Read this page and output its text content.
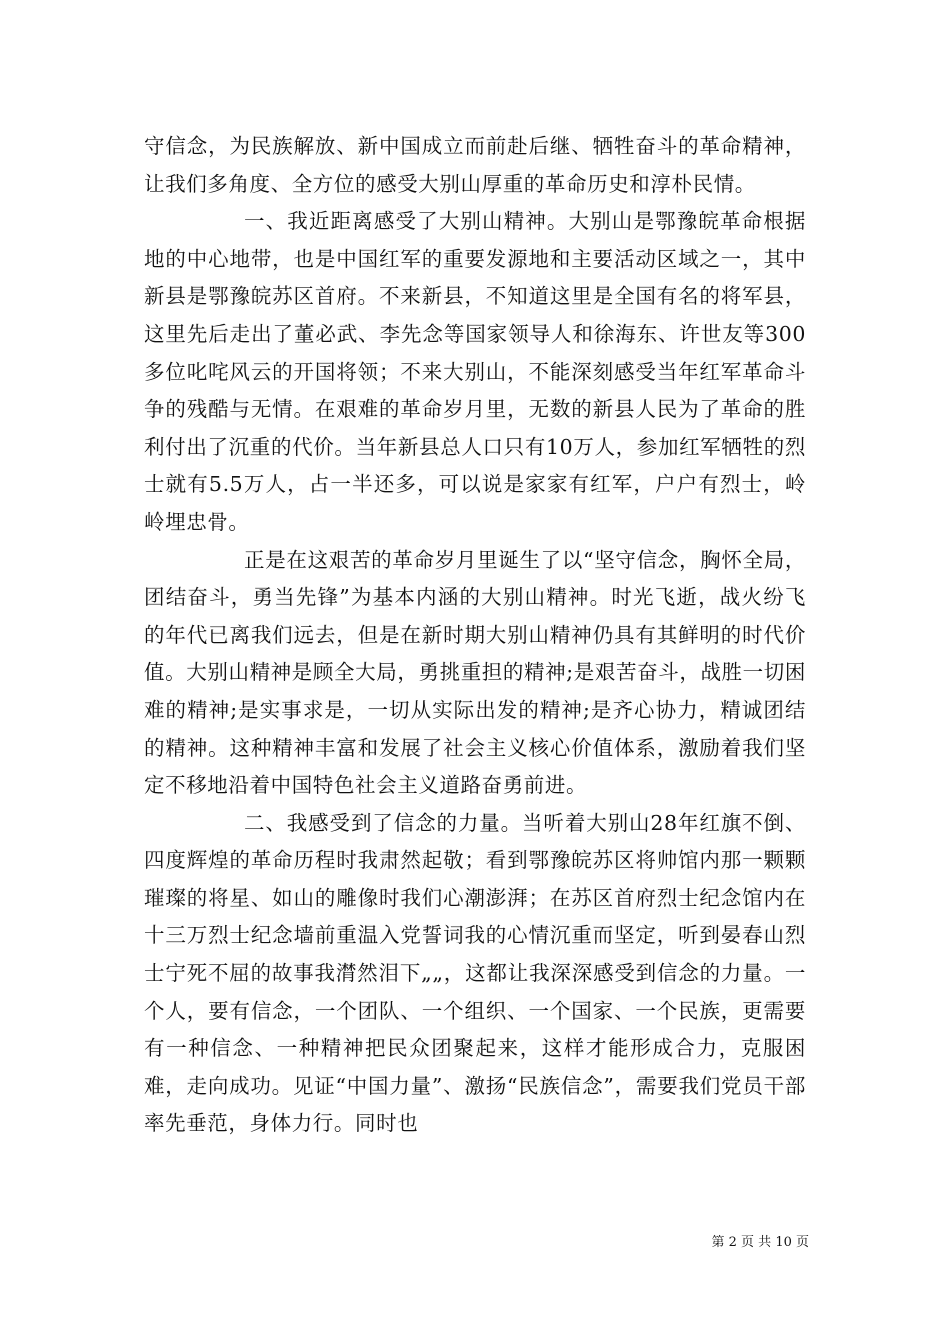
守信念，为民族解放、新中国成立而前赴后继、牺牲奋斗的革命精神，让我们多角度、全方位的感受大别山厚重的革命历史和淳朴民情。

一、我近距离感受了大别山精神。大别山是鄂豫皖革命根据地的中心地带，也是中国红军的重要发源地和主要活动区域之一，其中新县是鄂豫皖苏区首府。不来新县，不知道这里是全国有名的将军县，这里先后走出了董必武、李先念等国家领导人和徐海东、许世友等300多位叱咤风云的开国将领；不来大别山，不能深刻感受当年红军革命斗争的残酷与无情。在艰难的革命岁月里，无数的新县人民为了革命的胜利付出了沉重的代价。当年新县总人口只有10万人，参加红军牺牲的烈士就有5.5万人，占一半还多，可以说是家家有红军，户户有烈士，岭岭埋忠骨。

正是在这艰苦的革命岁月里诞生了以“坚守信念，胸怀全局，团结奋斗，勇当先锋”为基本内涵的大别山精神。时光飞逝，战火纷飞的年代已离我们远去，但是在新时期大别山精神仍具有其鲜明的时代价值。大别山精神是顾全大局，勇挑重担的精神;是艰苦奋斗，战胜一切困难的精神;是实事求是，一切从实际出发的精神;是齐心协力，精诚团结的精神。这种精神丰富和发展了社会主义核心价值体系，激励着我们坚定不移地沿着中国特色社会主义道路奋勇前进。

二、我感受到了信念的力量。当听着大别山28年红旗不倒、四度辉煌的革命历程时我肃然起敬；看到鄂豫皖苏区将帅馆内那一颗颗璀璨的将星、如山的雕像时我们心潮澎湃；在苏区首府烈士纪念馆内在十三万烈士纪念墙前重温入党誓词我的心情沉重而坚定，听到晏春山烈士宁死不屈的故事我潸然泪下„„，这都让我深深感受到信念的力量。一个人，要有信念，一个团队、一个组织、一个国家、一个民族，更需要有一种信念、一种精神把民众团聚起来，这样才能形成合力，克服困难，走向成功。见证“中国力量”、激扬“民族信念”，需要我们党员干部率先垂范，身体力行。同时也

第 2 页 共 10 页
